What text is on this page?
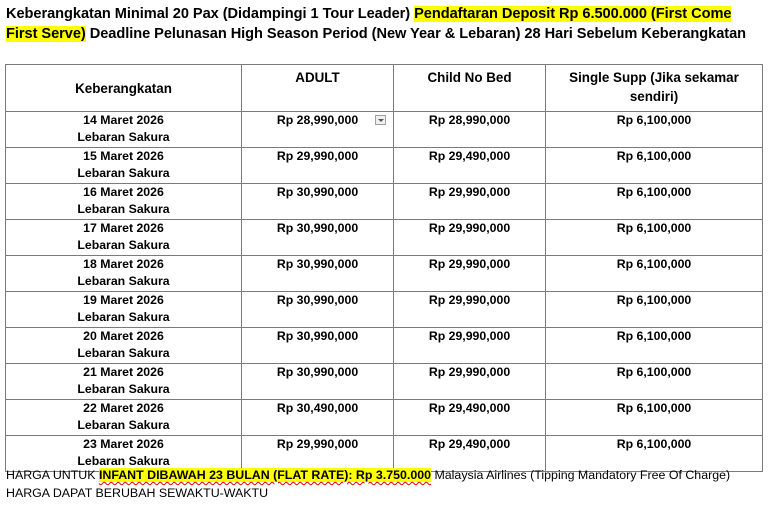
Keberangkatan Minimal 20 Pax (Didampingi 1 Tour Leader) Pendaftaran Deposit Rp 6.500.000 (First Come First Serve) Deadline Pelunasan High Season Period (New Year & Lebaran) 28 Hari Sebelum Keberangkatan
Keberangkatan	ADULT	Child No Bed	Single Supp (Jika sekamar sendiri)

14 Maret 2026
Lebaran Sakura	Rp 28,990,000	Rp 28,990,000	Rp 6,100,000

15 Maret 2026
Lebaran Sakura	Rp 29,990,000	Rp 29,490,000	Rp 6,100,000

16 Maret 2026
Lebaran Sakura	Rp 30,990,000	Rp 29,990,000	Rp 6,100,000

17 Maret 2026
Lebaran Sakura	Rp 30,990,000	Rp 29,990,000	Rp 6,100,000

18 Maret 2026
Lebaran Sakura	Rp 30,990,000	Rp 29,990,000	Rp 6,100,000

19 Maret 2026
Lebaran Sakura	Rp 30,990,000	Rp 29,990,000	Rp 6,100,000

20 Maret 2026
Lebaran Sakura	Rp 30,990,000	Rp 29,990,000	Rp 6,100,000

21 Maret 2026
Lebaran Sakura	Rp 30,990,000	Rp 29,990,000	Rp 6,100,000

22 Maret 2026
Lebaran Sakura	Rp 30,490,000	Rp 29,490,000	Rp 6,100,000

23 Maret 2026
Lebaran Sakura	Rp 29,990,000	Rp 29,490,000	Rp 6,100,000
HARGA UNTUK INFANT DIBAWAH 23 BULAN (FLAT RATE): Rp 3.750.000 Malaysia Airlines (Tipping Mandatory Free Of Charge)
HARGA DAPAT BERUBAH SEWAKTU-WAKTU
